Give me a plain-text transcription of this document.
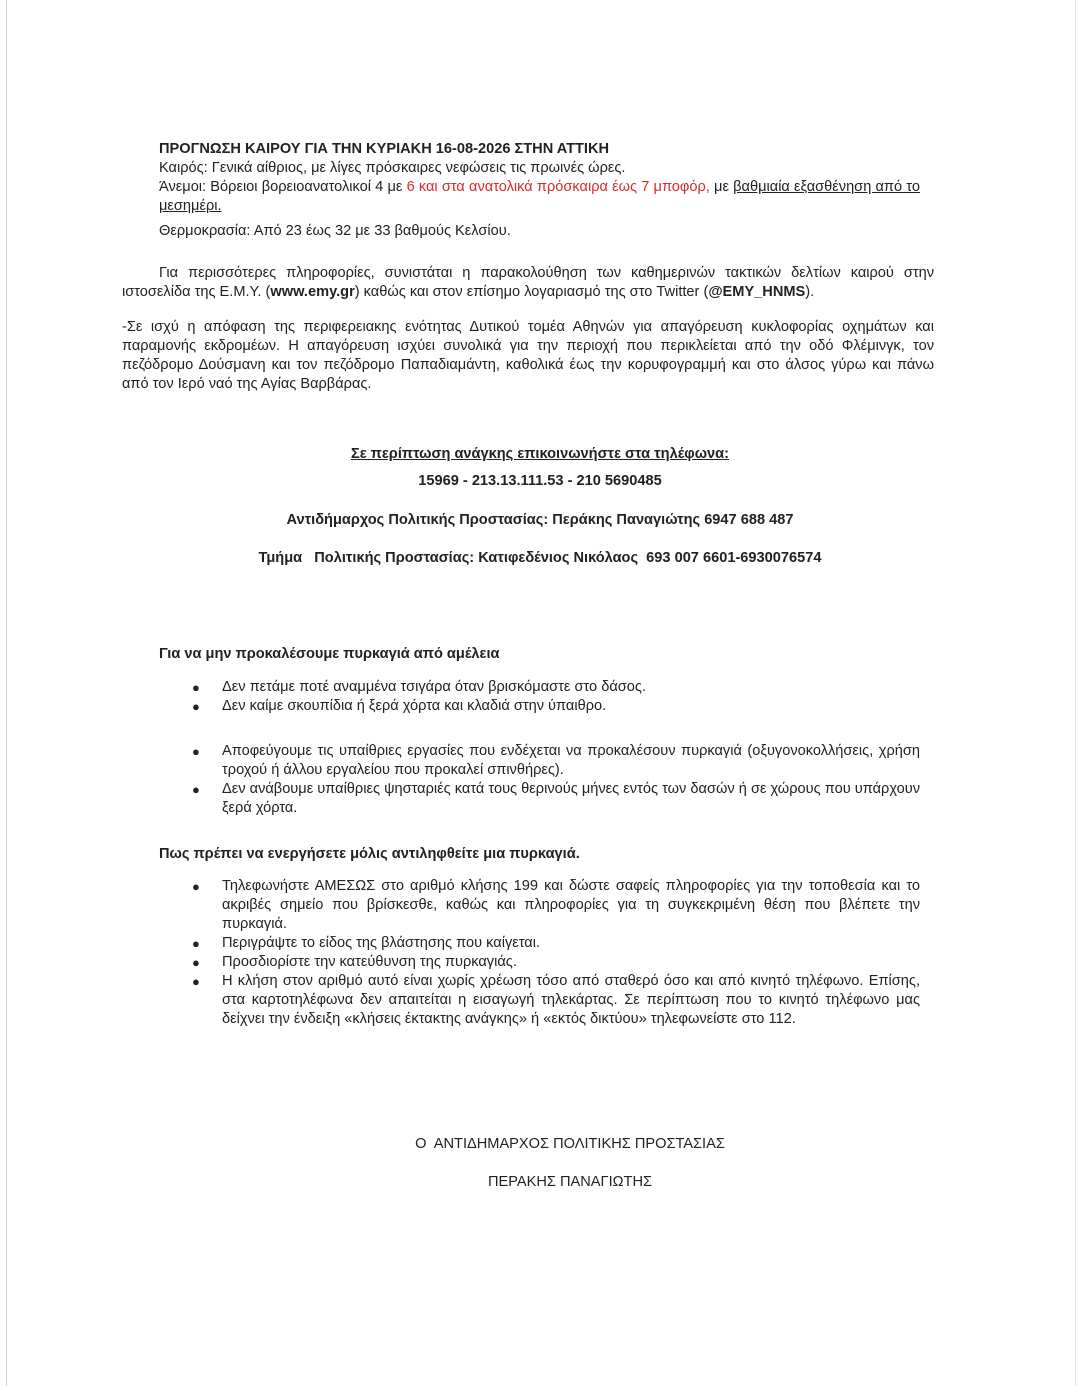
ΠΡΟΓΝΩΣΗ ΚΑΙΡΟΥ ΓΙΑ ΤΗΝ ΚΥΡΙΑΚΗ 16-08-2026 ΣΤΗΝ ΑΤΤΙΚΗ

Καιρός: Γενικά αίθριος, με λίγες πρόσκαιρες νεφώσεις τις πρωινές ώρες.

Άνεμοι: Βόρειοι βορειοανατολικοί 4 με 6 και στα ανατολικά πρόσκαιρα έως 7 μποφόρ, με βαθμιαία εξασθένηση από το μεσημέρι.

Θερμοκρασία: Από 23 έως 32 με 33 βαθμούς Κελσίου.

Για περισσότερες πληροφορίες, συνιστάται η παρακολούθηση των καθημερινών τακτικών δελτίων καιρού στην ιστοσελίδα της Ε.Μ.Υ. (www.emy.gr) καθώς και στον επίσημο λογαριασμό της στο Twitter (@EMY_HNMS).
-Σε ισχύ η απόφαση της περιφερειακης ενότητας Δυτικού τομέα Αθηνών για απαγόρευση κυκλοφορίας οχημάτων και παραμονής εκδρομέων. Η απαγόρευση ισχύει συνολικά για την περιοχή που περικλείεται από την οδό Φλέμινγκ, τον πεζόδρομο Δούσμανη και τον πεζόδρομο Παπαδιαμάντη, καθολικά έως την κορυφογραμμή και στο άλσος γύρω και πάνω από τον Ιερό ναό της Αγίας Βαρβάρας.
Σε περίπτωση ανάγκης επικοινωνήστε στα τηλέφωνα:
15969 - 213.13.111.53 - 210 5690485
Αντιδήμαρχος Πολιτικής Προστασίας: Περάκης Παναγιώτης 6947 688 487
Τμήμα   Πολιτικής Προστασίας: Κατιφεδένιος Νικόλαος  693 007 6601-6930076574
Για να μην προκαλέσουμε πυρκαγιά από αμέλεια
● Δεν πετάμε ποτέ αναμμένα τσιγάρα όταν βρισκόμαστε στο δάσος.
● Δεν καίμε σκουπίδια ή ξερά χόρτα και κλαδιά στην ύπαιθρο.
● Αποφεύγουμε τις υπαίθριες εργασίες που ενδέχεται να προκαλέσουν πυρκαγιά (οξυγονοκολλήσεις, χρήση τροχού ή άλλου εργαλείου που προκαλεί σπινθήρες).
● Δεν ανάβουμε υπαίθριες ψησταριές κατά τους θερινούς μήνες εντός των δασών ή σε χώρους που υπάρχουν ξερά χόρτα.
Πως πρέπει να ενεργήσετε μόλις αντιληφθείτε μια πυρκαγιά.
● Τηλεφωνήστε ΑΜΕΣΩΣ στο αριθμό κλήσης 199 και δώστε σαφείς πληροφορίες για την τοποθεσία και το ακριβές σημείο που βρίσκεσθε, καθώς και πληροφορίες για τη συγκεκριμένη θέση που βλέπετε την πυρκαγιά.
● Περιγράψτε το είδος της βλάστησης που καίγεται.
● Προσδιορίστε την κατεύθυνση της πυρκαγιάς.
● Η κλήση στον αριθμό αυτό είναι χωρίς χρέωση τόσο από σταθερό όσο και από κινητό τηλέφωνο. Επίσης, στα καρτοτηλέφωνα δεν απαιτείται η εισαγωγή τηλεκάρτας. Σε περίπτωση που το κινητό τηλέφωνο μας δείχνει την ένδειξη «κλήσεις έκτακτης ανάγκης» ή «εκτός δικτύου» τηλεφωνείστε στο 112.
Ο  ΑΝΤΙΔΗΜΑΡΧΟΣ ΠΟΛΙΤΙΚΗΣ ΠΡΟΣΤΑΣΙΑΣ
ΠΕΡΑΚΗΣ ΠΑΝΑΓΙΩΤΗΣ
